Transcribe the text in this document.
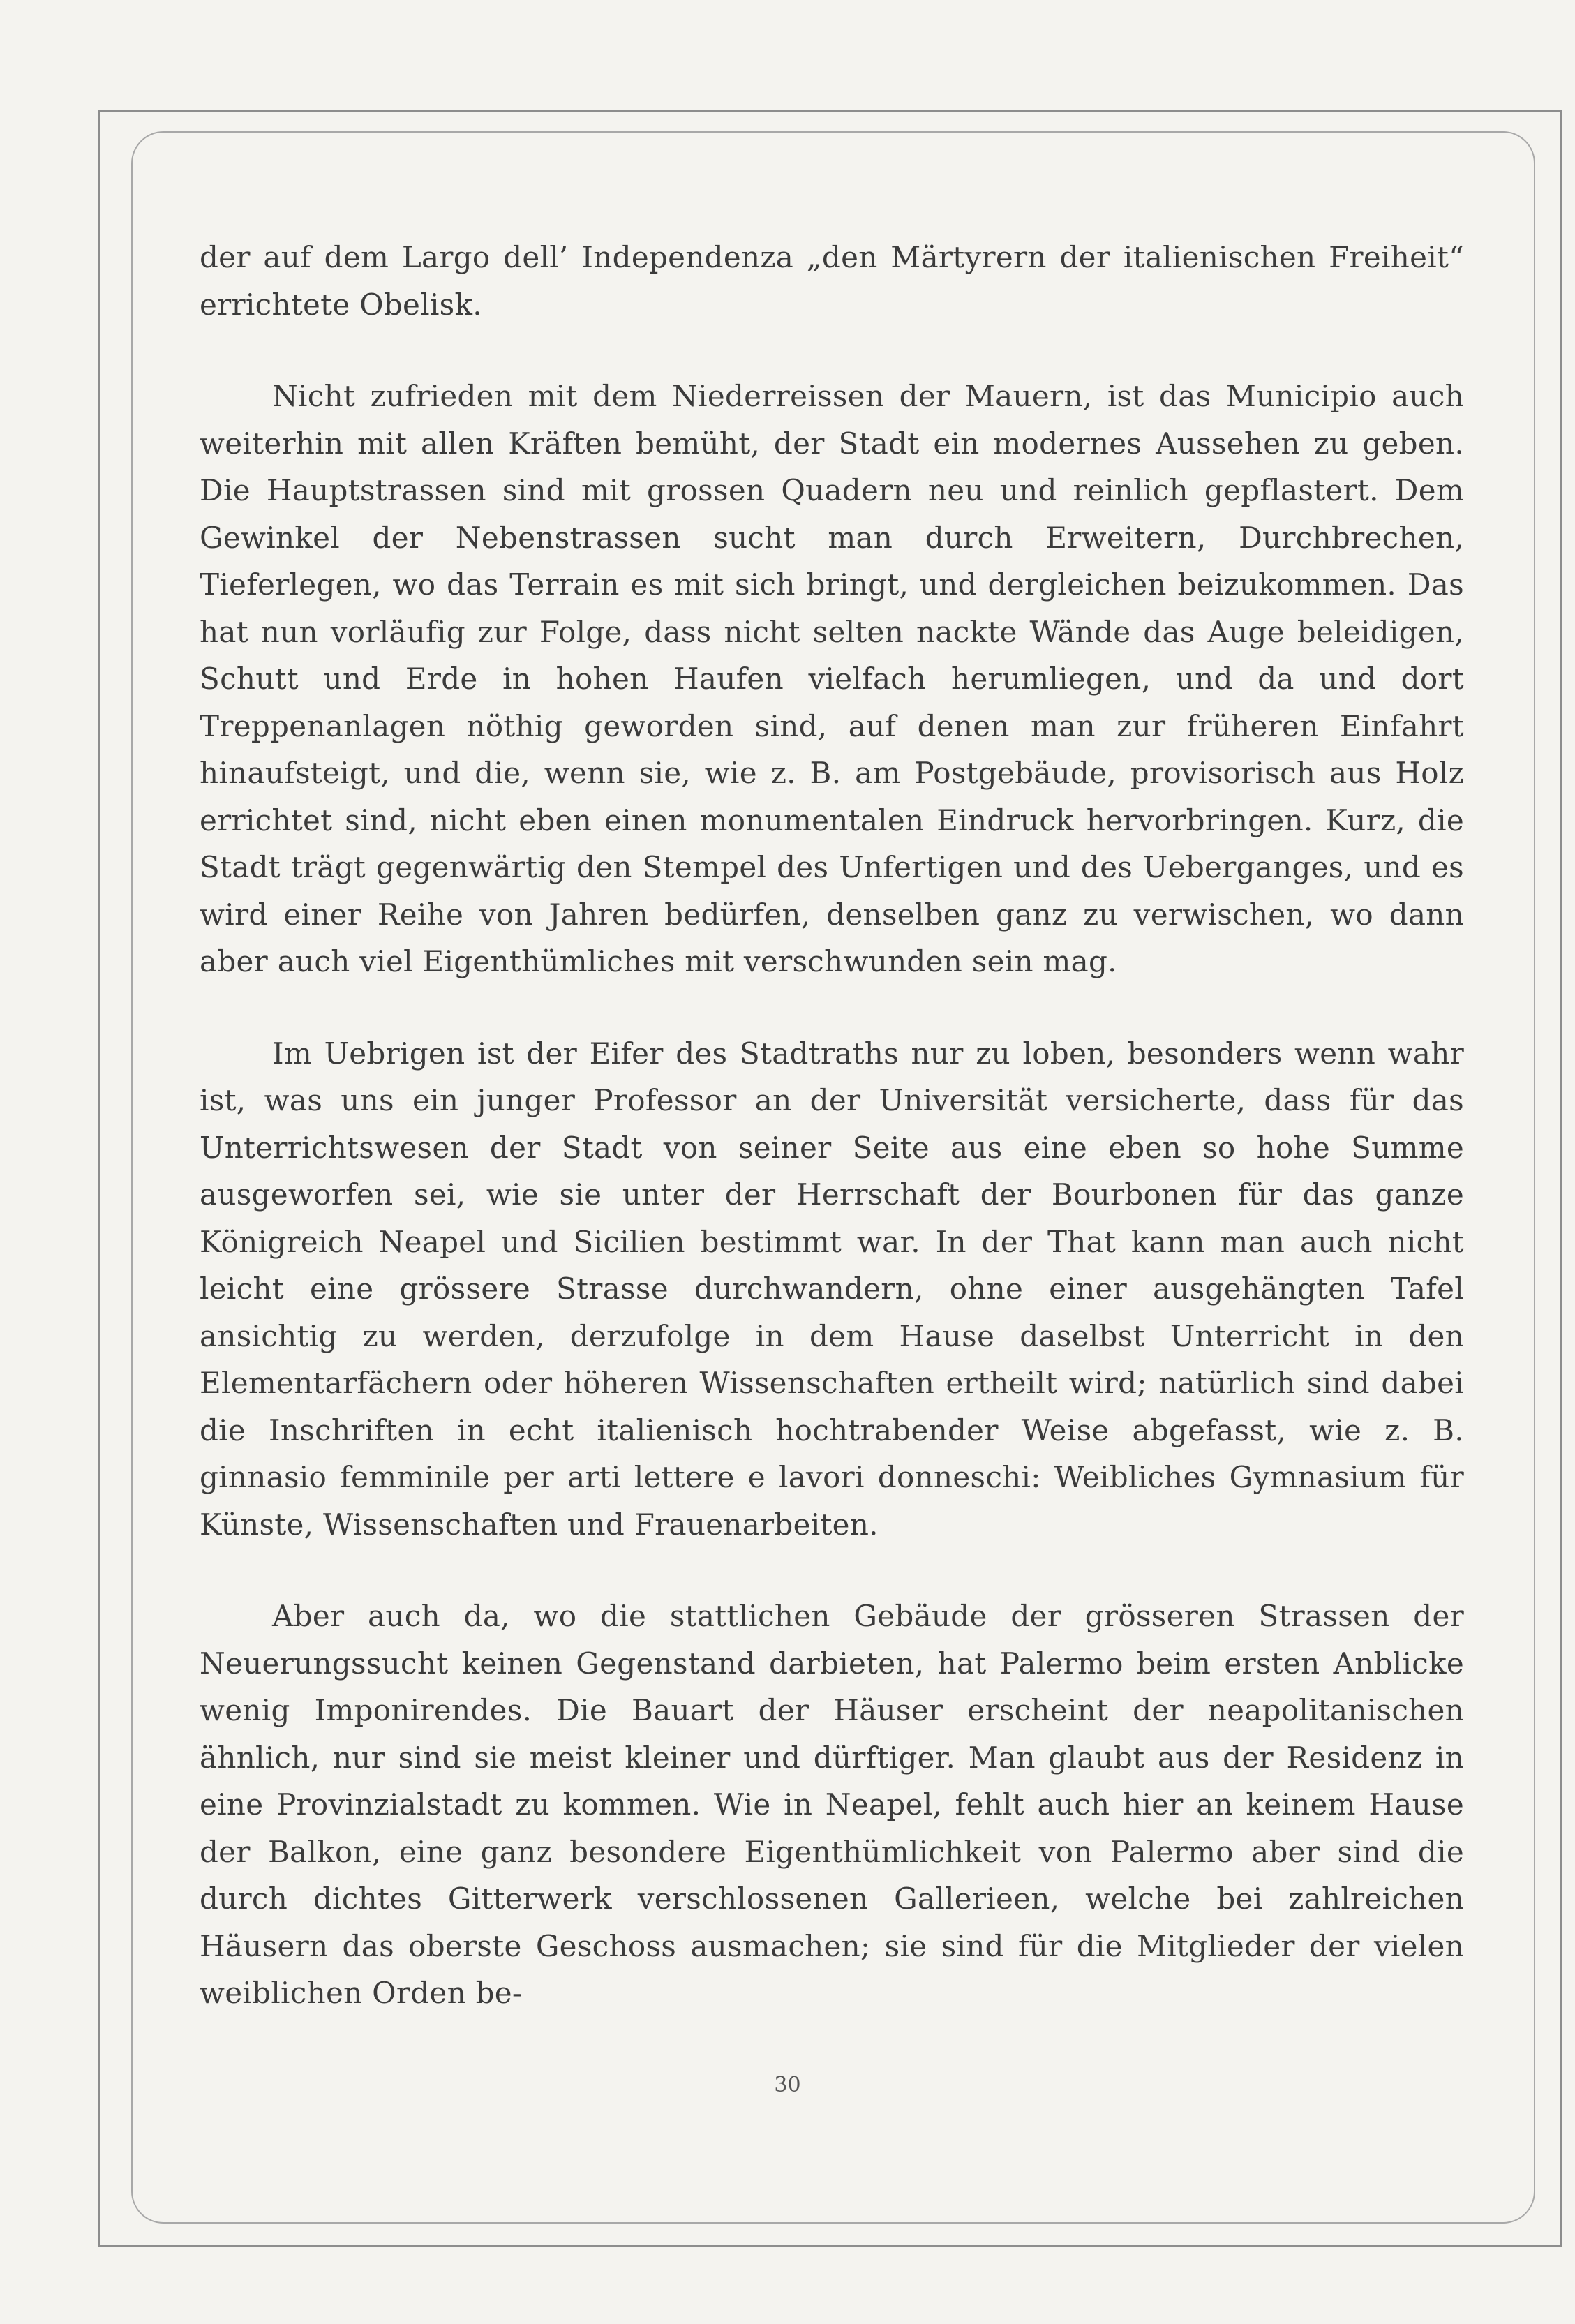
der auf dem Largo dell’ Independenza „den Märtyrern der italienischen Freiheit“ errichtete Obelisk.

Nicht zufrieden mit dem Niederreissen der Mauern, ist das Municipio auch weiterhin mit allen Kräften bemüht, der Stadt ein modernes Aussehen zu geben. Die Hauptstrassen sind mit grossen Quadern neu und reinlich gepflastert. Dem Gewinkel der Nebenstrassen sucht man durch Erweitern, Durchbrechen, Tieferlegen, wo das Terrain es mit sich bringt, und dergleichen beizukommen. Das hat nun vorläufig zur Folge, dass nicht selten nackte Wände das Auge beleidigen, Schutt und Erde in hohen Haufen vielfach herumliegen, und da und dort Treppenanlagen nöthig geworden sind, auf denen man zur früheren Einfahrt hinaufsteigt, und die, wenn sie, wie z. B. am Postgebäude, provisorisch aus Holz errichtet sind, nicht eben einen monumentalen Eindruck hervorbringen. Kurz, die Stadt trägt gegenwärtig den Stempel des Unfertigen und des Ueberganges, und es wird einer Reihe von Jahren bedürfen, denselben ganz zu verwischen, wo dann aber auch viel Eigenthümliches mit verschwunden sein mag.

Im Uebrigen ist der Eifer des Stadtraths nur zu loben, besonders wenn wahr ist, was uns ein junger Professor an der Universität versicherte, dass für das Unterrichtswesen der Stadt von seiner Seite aus eine eben so hohe Summe ausgeworfen sei, wie sie unter der Herrschaft der Bourbonen für das ganze Königreich Neapel und Sicilien bestimmt war. In der That kann man auch nicht leicht eine grössere Strasse durchwandern, ohne einer ausgehängten Tafel ansichtig zu werden, derzufolge in dem Hause daselbst Unterricht in den Elementarfächern oder höheren Wissenschaften ertheilt wird; natürlich sind dabei die Inschriften in echt italienisch hochtrabender Weise abgefasst, wie z. B. ginnasio femminile per arti lettere e lavori donneschi: Weibliches Gymnasium für Künste, Wissenschaften und Frauenarbeiten.

Aber auch da, wo die stattlichen Gebäude der grösseren Strassen der Neuerungssucht keinen Gegenstand darbieten, hat Palermo beim ersten Anblicke wenig Imponirendes. Die Bauart der Häuser erscheint der neapolitanischen ähnlich, nur sind sie meist kleiner und dürftiger. Man glaubt aus der Residenz in eine Provinzialstadt zu kommen. Wie in Neapel, fehlt auch hier an keinem Hause der Balkon, eine ganz besondere Eigenthümlichkeit von Palermo aber sind die durch dichtes Gitterwerk verschlossenen Gallerieen, welche bei zahlreichen Häusern das oberste Geschoss ausmachen; sie sind für die Mitglieder der vielen weiblichen Orden be-

30
